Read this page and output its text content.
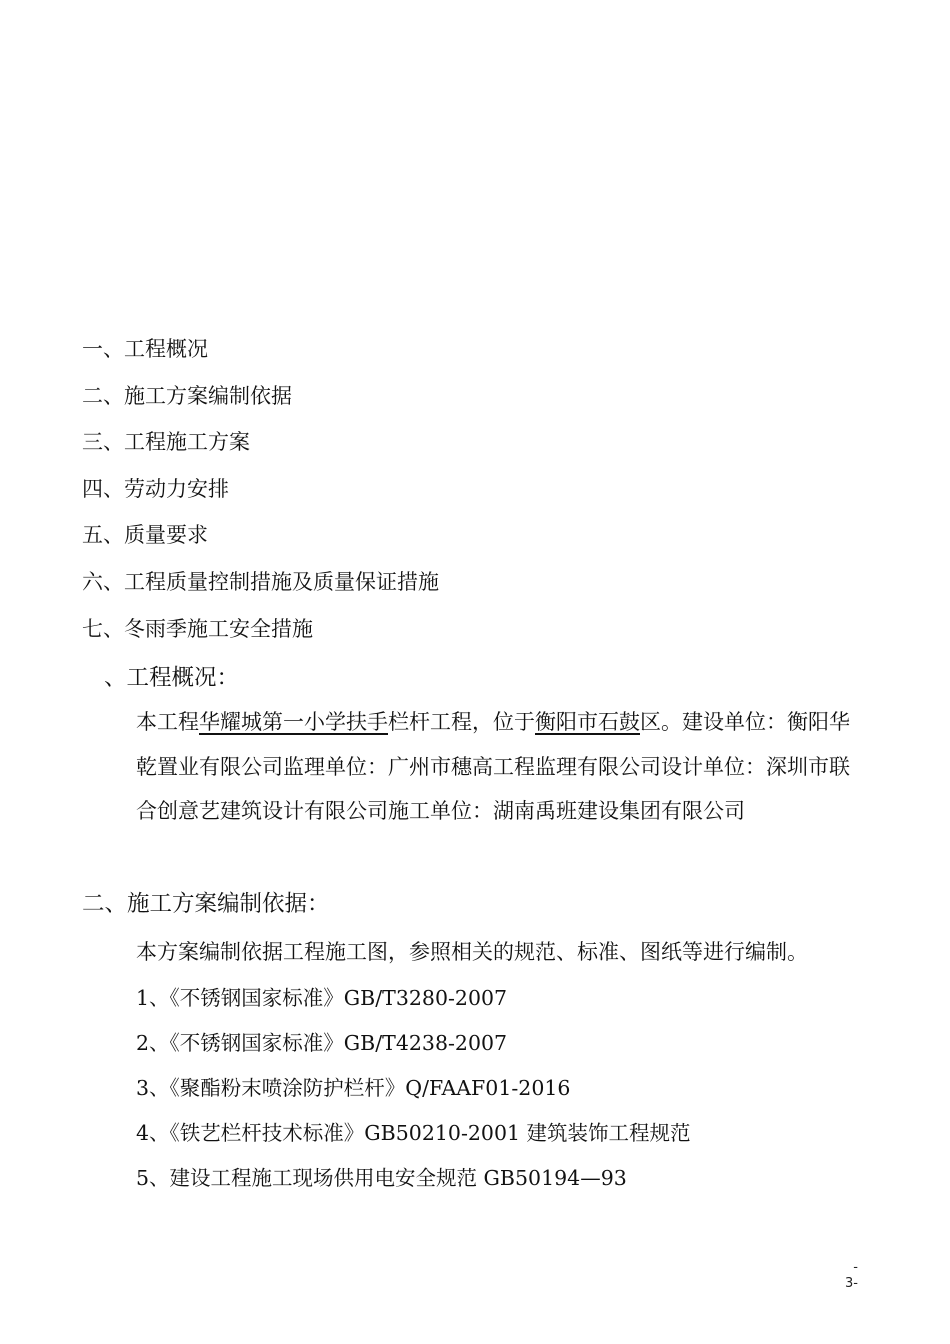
一、工程概况
二、施工方案编制依据
三、工程施工方案
四、劳动力安排
五、质量要求
六、工程质量控制措施及质量保证措施
七、冬雨季施工安全措施
、工程概况：
本工程华耀城第一小学扶手栏杆工程，位于衡阳市石鼓区。建设单位：衡阳华乾置业有限公司监理单位：广州市穗高工程监理有限公司设计单位：深圳市联合创意艺建筑设计有限公司施工单位：湖南禹班建设集团有限公司
二、施工方案编制依据：
本方案编制依据工程施工图，参照相关的规范、标准、图纸等进行编制。
1、《不锈钢国家标准》GB/T3280-2007
2、《不锈钢国家标准》GB/T4238-2007
3、《聚酯粉末喷涂防护栏杆》Q/FAAF01-2016
4、《铁艺栏杆技术标准》GB50210-2001 建筑装饰工程规范
5、建设工程施工现场供用电安全规范 GB50194—93
-
3-
